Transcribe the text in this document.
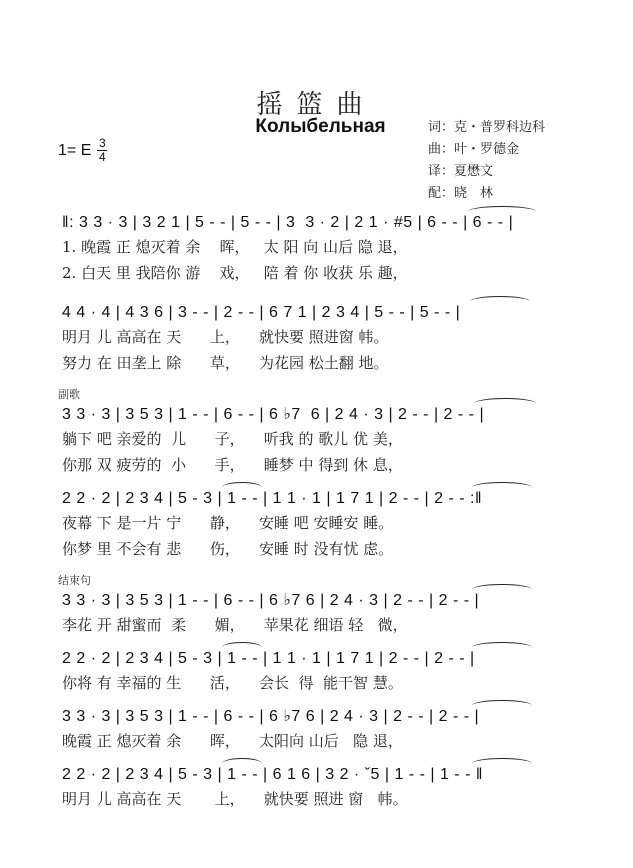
摇篮曲
Колыбельная
1= E $\frac{3}{4}$
词：克・普罗科边科
曲：叶・罗德金
译：夏懋文
配：晓　林
‖: 3 3 · 3 | 3 2 1 | 5 - - | 5 - - | 3  3 · 2 | 2 1 · #5 | 6 - - | 6 - - |
1. 晚霞 正 熄灭着 余    晖，   太 阳 向 山后 隐 退，
2. 白天 里 我陪你 游    戏，   陪 着 你 收获 乐 趣，
4 4 · 4 | 4 3 6 | 3 - - | 2 - - | 6 7 1 | 2 3 4 | 5 - - | 5 - - |
明月 儿 高高在 天      上，    就快要 照进窗 帏。
努力 在 田垄上 除      草，    为花园 松土翻 地。
副歌
3 3 · 3 | 3 5 3 | 1 - - | 6 - - | 6 ♭7  6 | 2 4 · 3 | 2 - - | 2 - - |
躺下 吧 亲爱的  儿      子，    听我 的 歌儿 优 美，
你那 双 疲劳的  小      手，    睡梦 中 得到 休 息，
2 2 · 2 | 2 3 4 | 5 - 3 | 1 - - | 1 1 · 1 | 1 7 1 | 2 - - | 2 - - :‖
夜幕 下 是一片 宁      静，    安睡 吧 安睡安 睡。
你梦 里 不会有 悲      伤，    安睡 时 没有忧 虑。
结束句
3 3 · 3 | 3 5 3 | 1 - - | 6 - - | 6 ♭7 6 | 2 4 · 3 | 2 - - | 2 - - |
李花 开 甜蜜而  柔      媚，    苹果花 细语 轻   微，
2 2 · 2 | 2 3 4 | 5 - 3 | 1 - - | 1 1 · 1 | 1 7 1 | 2 - - | 2 - - |
你将 有 幸福的 生      活，    会长  得  能干智 慧。
3 3 · 3 | 3 5 3 | 1 - - | 6 - - | 6 ♭7 6 | 2 4 · 3 | 2 - - | 2 - - |
晚霞 正 熄灭着 余      晖，    太阳向 山后   隐 退，
2 2 · 2 | 2 3 4 | 5 - 3 | 1 - - | 6 1 6 | 3 2 · ˇ5 | 1 - - | 1 - - ‖
明月 儿 高高在 天       上，    就快要 照进 窗   帏。
